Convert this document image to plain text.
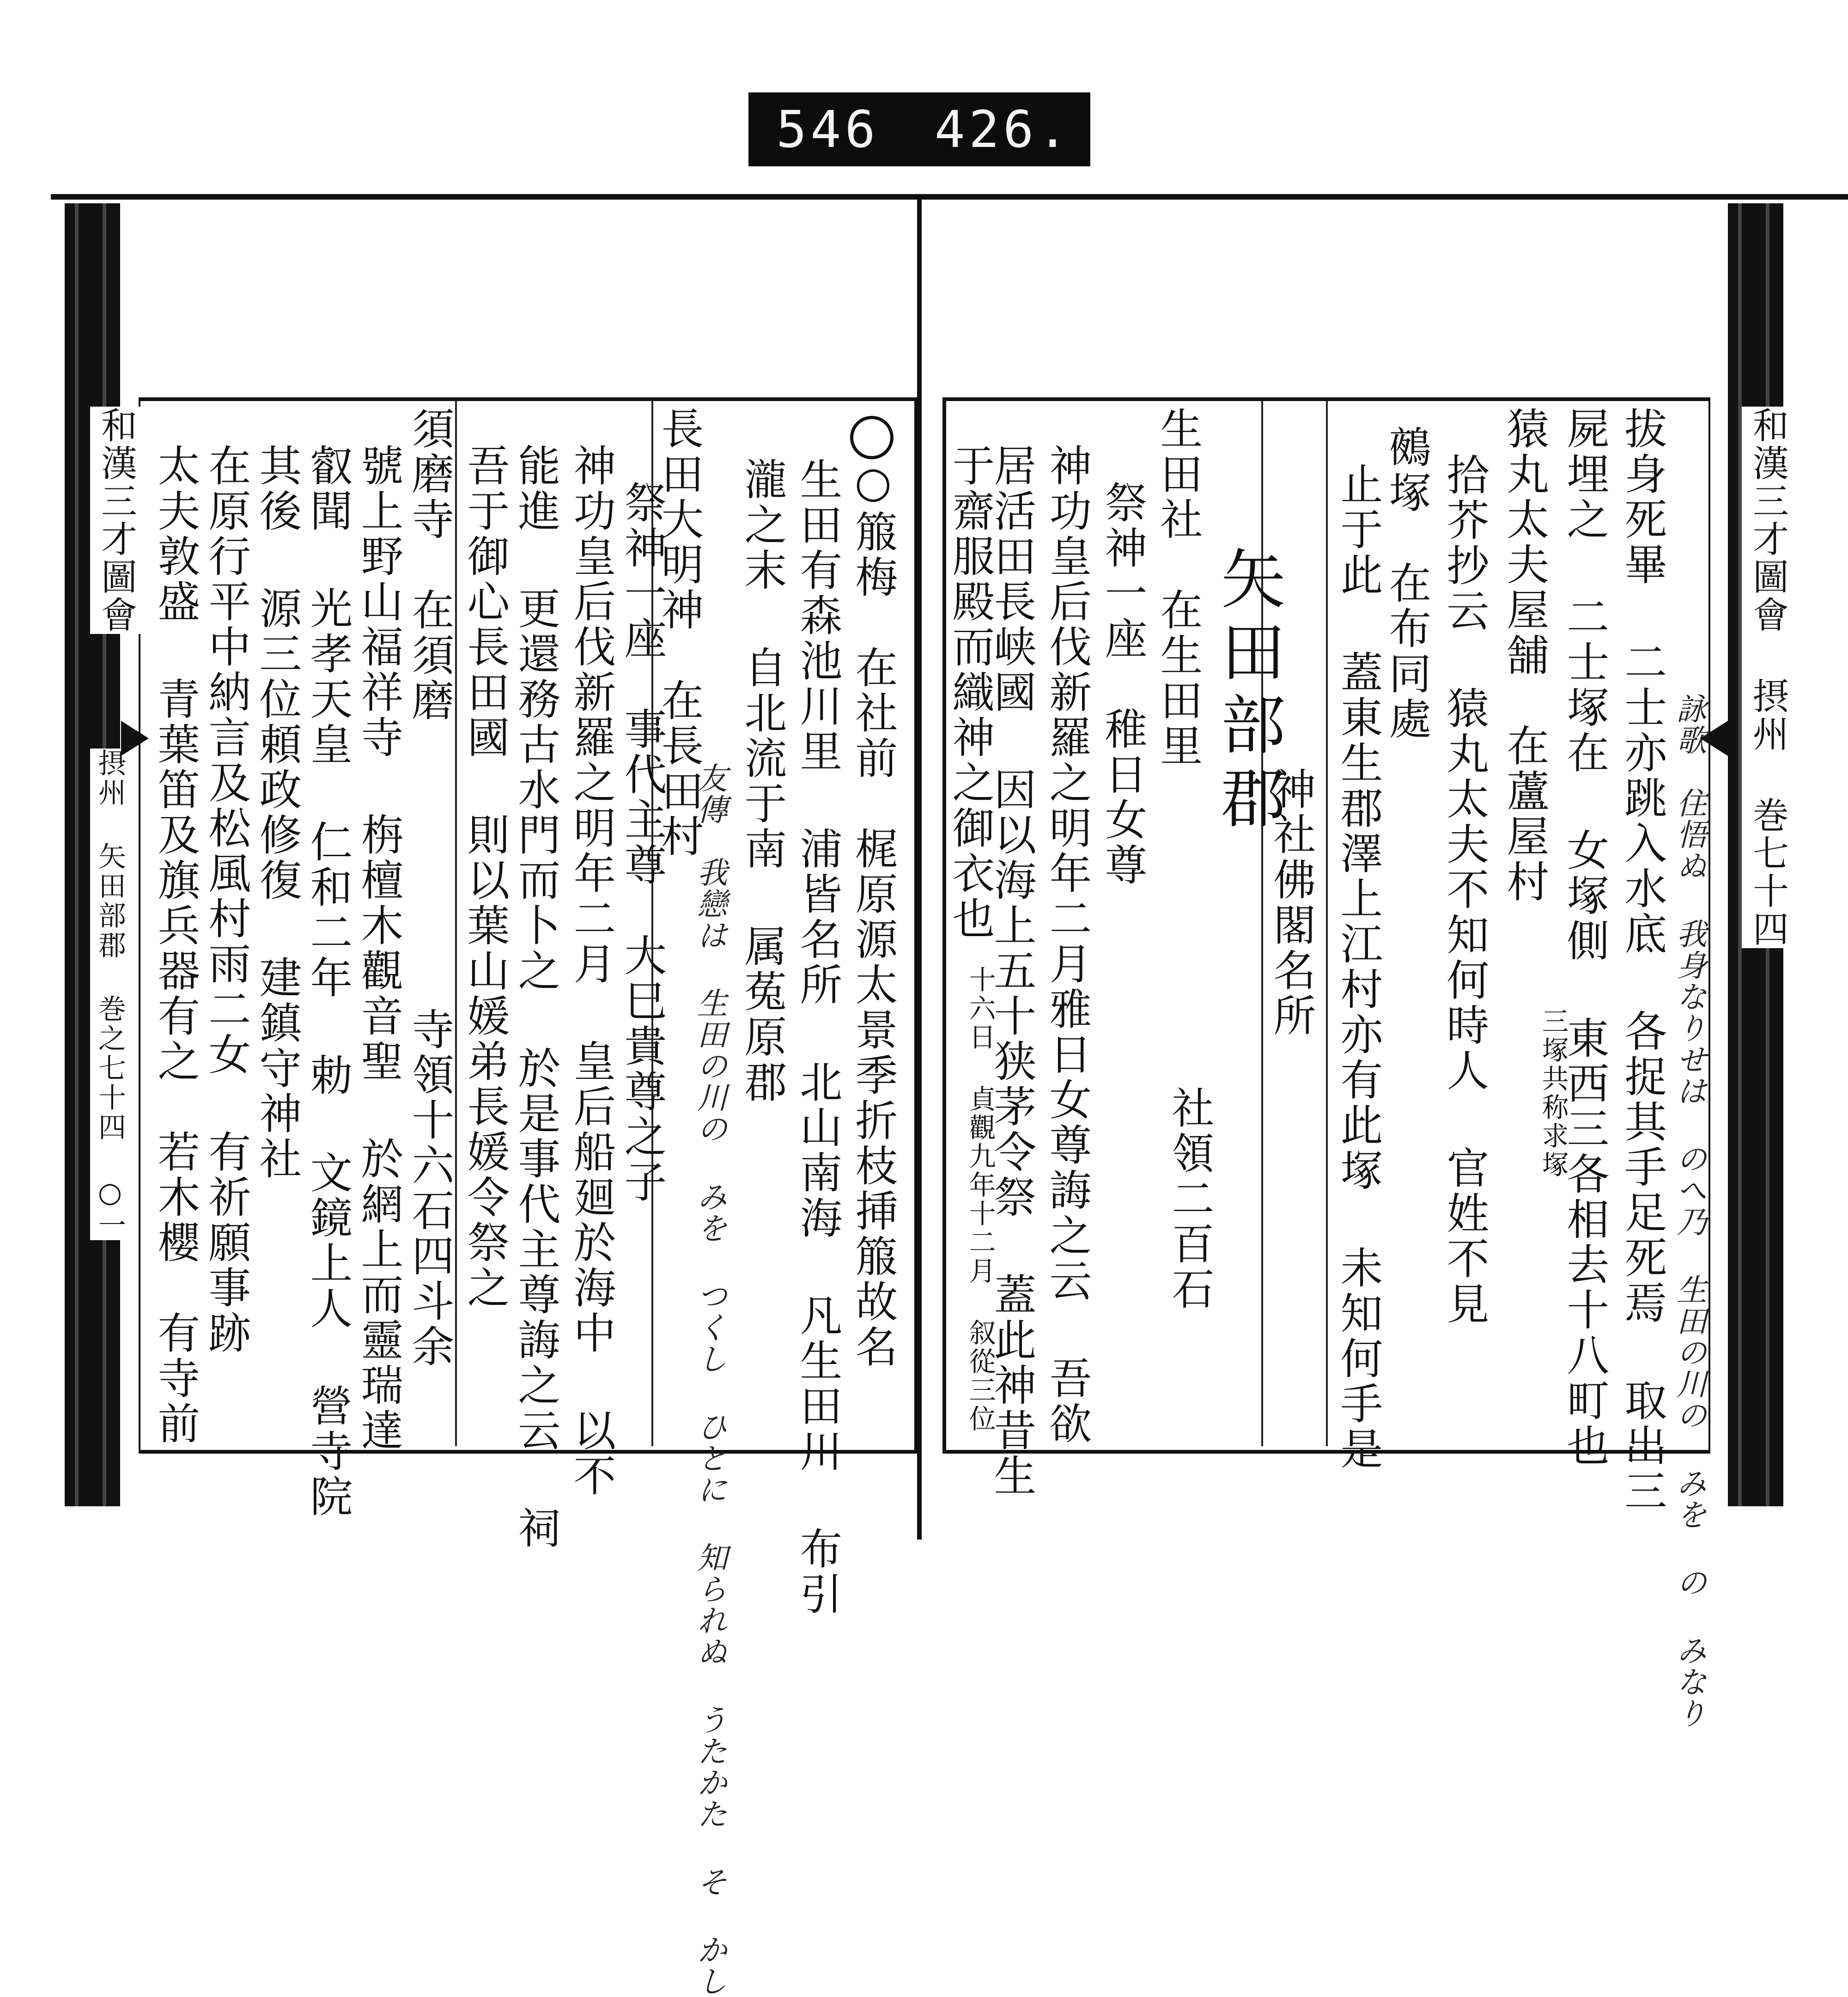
546 426.
和漢三才圖會
摂州 矢田部郡 巻之七十四 ○一
和漢三才圖會 摂州 巻七十四
拔身死畢 二士亦跳入水底 各捉其手足死焉 取出三
屍埋之 二士塚在 女塚側 東西三各相去十八町也
猿丸太夫屋舗　在蘆屋村
拾芥抄云 猿丸太夫不知何時人 官姓不見
鵺塚　在布同處
止于此 蓋東生郡澤上江村亦有此塚 未知何手是
矢田部郡
神社佛閣名所
生田社　在生田里
祭神一座　稚日女尊
神功皇后伐新羅之明年二月雅日女尊誨之云 吾欲
居活田長峡國 因以海上五十狭茅令祭 蓋此神昔生
于齋服殿而織神之御衣也
詠歌　住悟ぬ 我身なりせは のへ乃 生田の川の みを の みなり
社領二百石
十六日 貞觀九年十二月 叙從三位	三塚共称求塚
○箙梅　在社前　梶原源太景季折枝挿箙故名
生田有森池川里 浦皆名所 北山南海 凡生田川 布引
瀧之末 自北流于南 属菟原郡
長田大明神　在長田村
祭神一座　事代主尊　大巳貴尊之子
神功皇后伐新羅之明年二月 皇后船廻於海中 以不
能進 更還務古水門而卜之 於是事代主尊誨之云 祠
吾于御心長田國 則以葉山媛弟長媛令祭之
須磨寺　在須磨
寺領十六石四斗余
號上野山福祥寺 栴檀木觀音聖 於網上而靈瑞達
叡聞 光孝天皇 仁和二年 勅 文鏡上人 營寺院
其後 源三位頼政修復 建鎮守神社
在原行平中納言及松風村雨二女 有祈願事跡
太夫敦盛 青葉笛及旗兵器有之　若木櫻　有寺前	友傳　我戀は 生田の川の みを つくし ひとに 知られぬ うたかた そ かし
